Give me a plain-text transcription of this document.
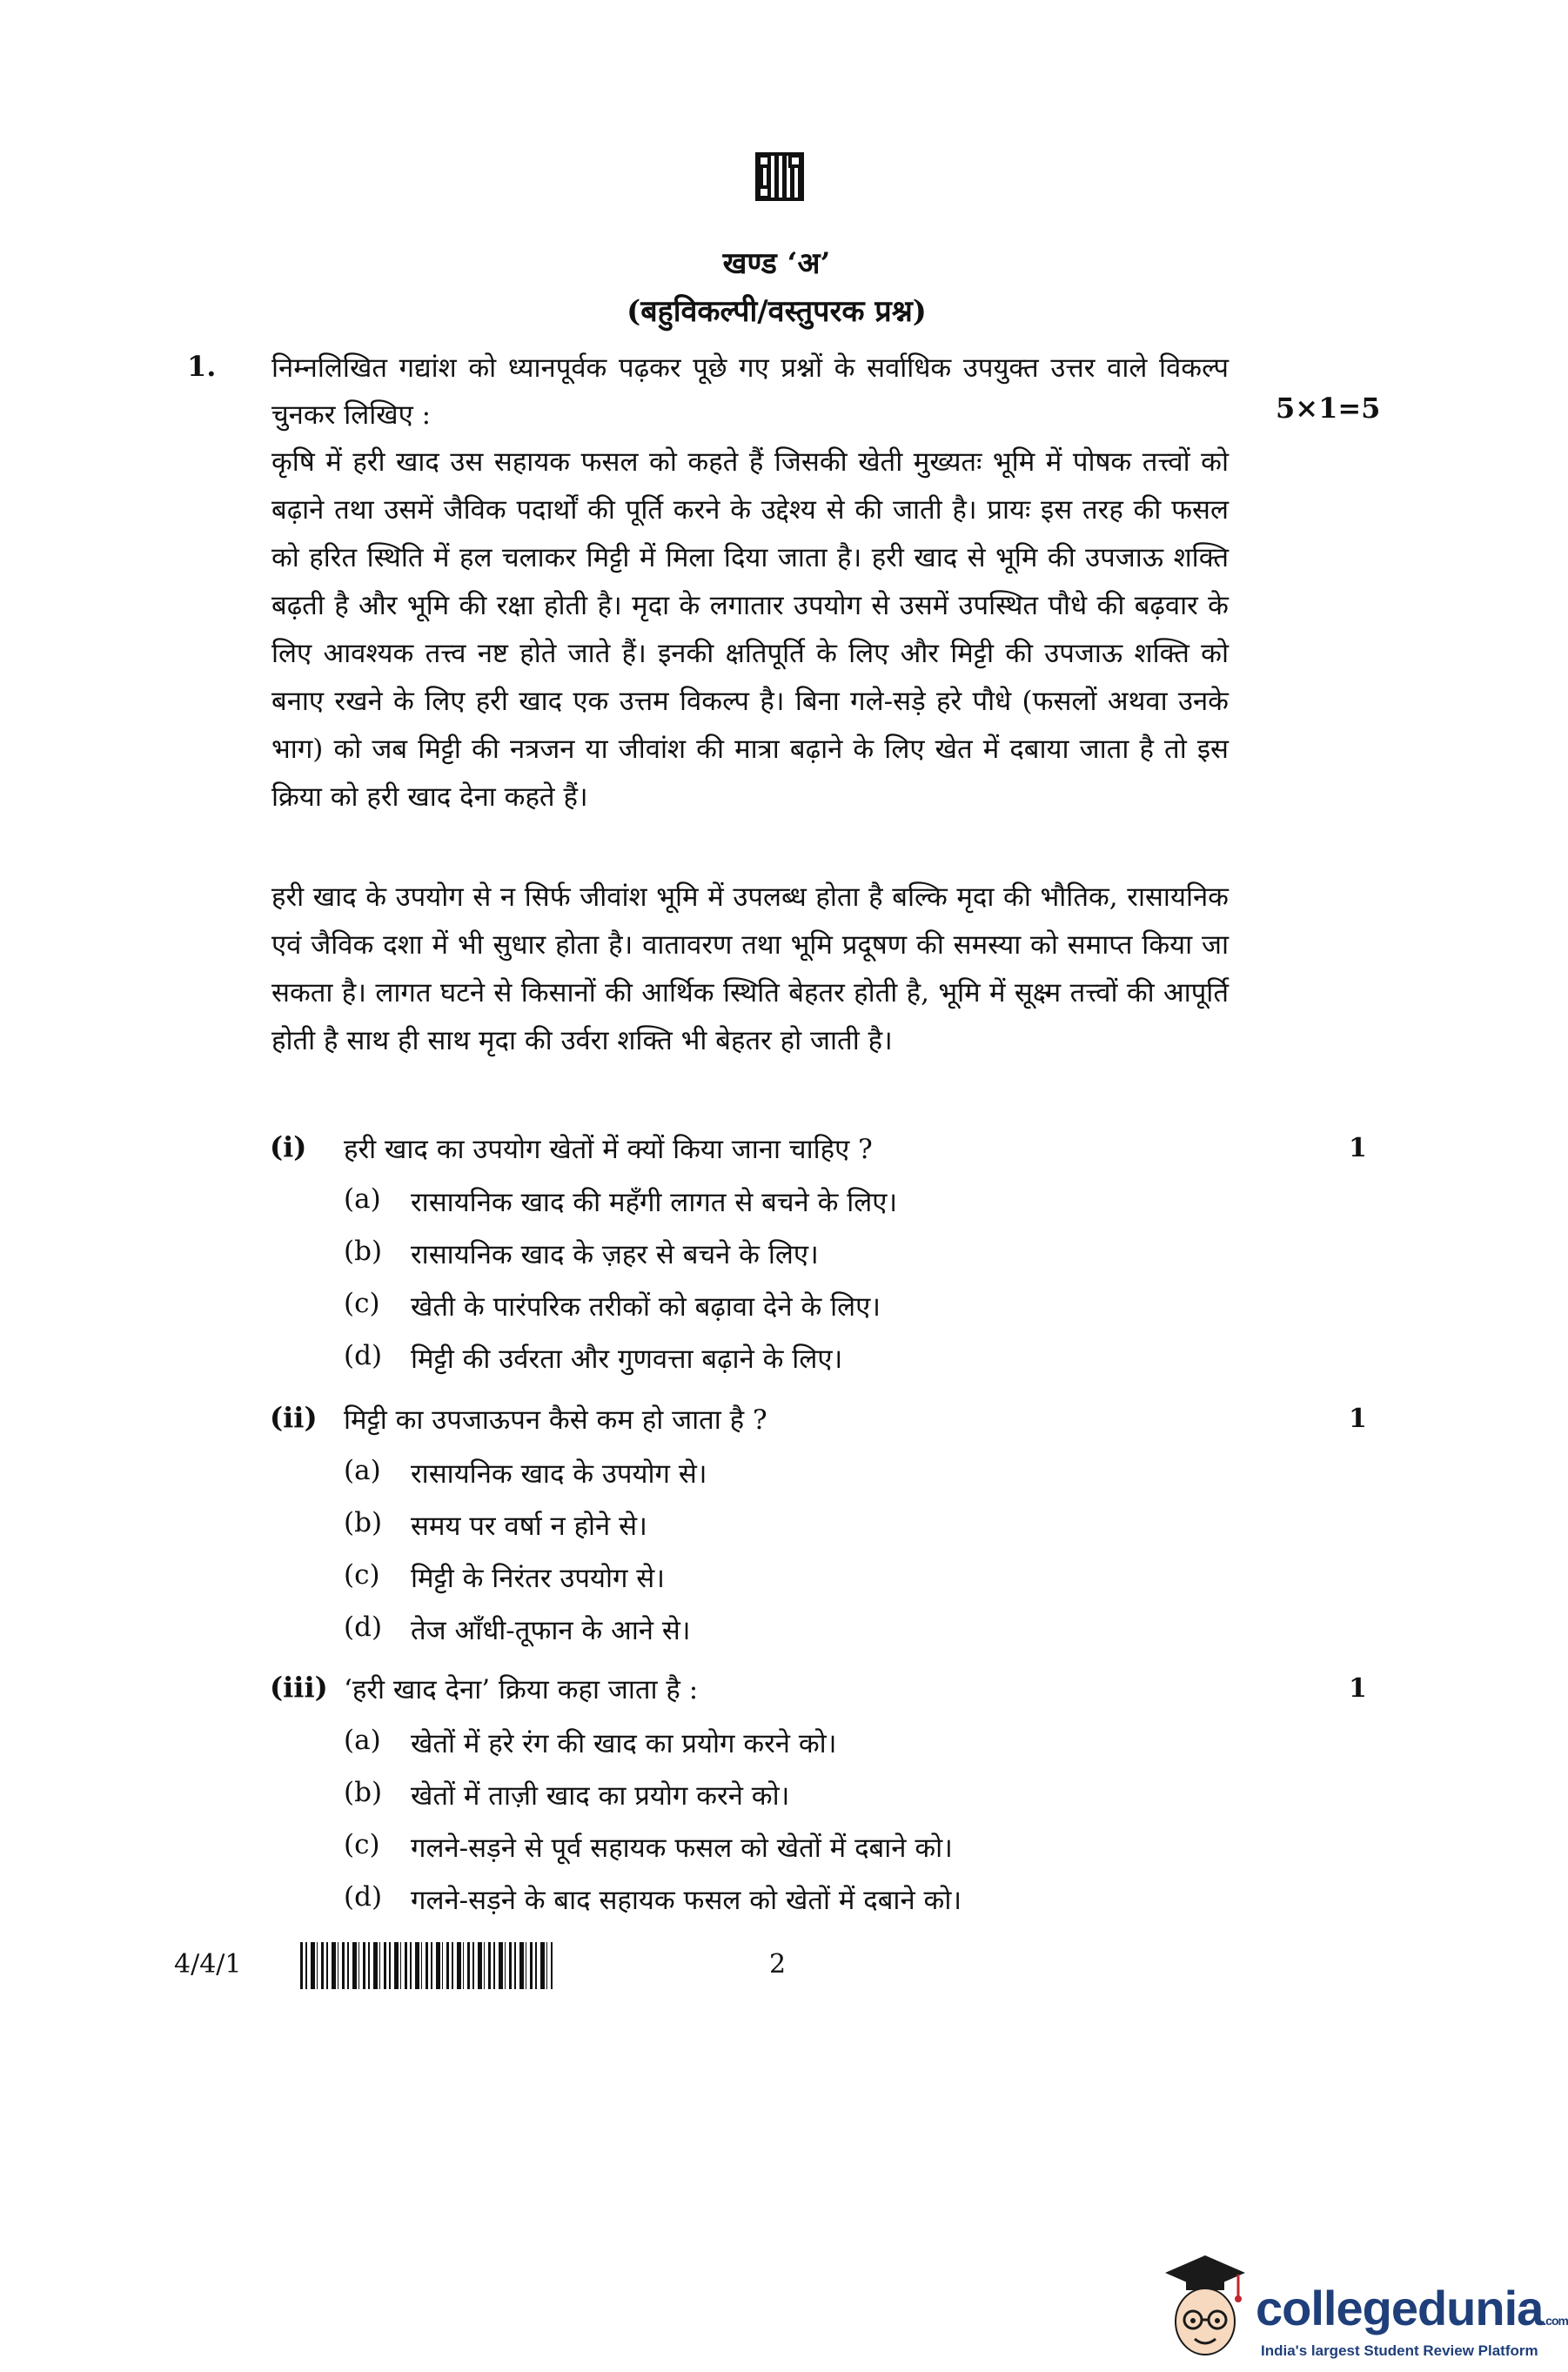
खण्ड ‘अ’
(बहुविकल्पी/वस्तुपरक प्रश्न)
1. निम्नलिखित गद्यांश को ध्यानपूर्वक पढ़कर पूछे गए प्रश्नों के सर्वाधिक उपयुक्त उत्तर वाले विकल्प चुनकर लिखिए :	5×1=5
कृषि में हरी खाद उस सहायक फसल को कहते हैं जिसकी खेती मुख्यतः भूमि में पोषक तत्त्वों को बढ़ाने तथा उसमें जैविक पदार्थों की पूर्ति करने के उद्देश्य से की जाती है। प्रायः इस तरह की फसल को हरित स्थिति में हल चलाकर मिट्टी में मिला दिया जाता है। हरी खाद से भूमि की उपजाऊ शक्ति बढ़ती है और भूमि की रक्षा होती है। मृदा के लगातार उपयोग से उसमें उपस्थित पौधे की बढ़वार के लिए आवश्यक तत्त्व नष्ट होते जाते हैं। इनकी क्षतिपूर्ति के लिए और मिट्टी की उपजाऊ शक्ति को बनाए रखने के लिए हरी खाद एक उत्तम विकल्प है। बिना गले-सड़े हरे पौधे (फसलों अथवा उनके भाग) को जब मिट्टी की नत्रजन या जीवांश की मात्रा बढ़ाने के लिए खेत में दबाया जाता है तो इस क्रिया को हरी खाद देना कहते हैं।
हरी खाद के उपयोग से न सिर्फ जीवांश भूमि में उपलब्ध होता है बल्कि मृदा की भौतिक, रासायनिक एवं जैविक दशा में भी सुधार होता है। वातावरण तथा भूमि प्रदूषण की समस्या को समाप्त किया जा सकता है। लागत घटने से किसानों की आर्थिक स्थिति बेहतर होती है, भूमि में सूक्ष्म तत्त्वों की आपूर्ति होती है साथ ही साथ मृदा की उर्वरा शक्ति भी बेहतर हो जाती है।
(i) हरी खाद का उपयोग खेतों में क्यों किया जाना चाहिए ?	1
(a) रासायनिक खाद की महँगी लागत से बचने के लिए।
(b) रासायनिक खाद के ज़हर से बचने के लिए।
(c) खेती के पारंपरिक तरीकों को बढ़ावा देने के लिए।
(d) मिट्टी की उर्वरता और गुणवत्ता बढ़ाने के लिए।
(ii) मिट्टी का उपजाऊपन कैसे कम हो जाता है ?	1
(a) रासायनिक खाद के उपयोग से।
(b) समय पर वर्षा न होने से।
(c) मिट्टी के निरंतर उपयोग से।
(d) तेज आँधी-तूफान के आने से।
(iii) ‘हरी खाद देना’ क्रिया कहा जाता है :	1
(a) खेतों में हरे रंग की खाद का प्रयोग करने को।
(b) खेतों में ताज़ी खाद का प्रयोग करने को।
(c) गलने-सड़ने से पूर्व सहायक फसल को खेतों में दबाने को।
(d) गलने-सड़ने के बाद सहायक फसल को खेतों में दबाने को।
4/4/1	2
collegedunia.com
India's largest Student Review Platform
